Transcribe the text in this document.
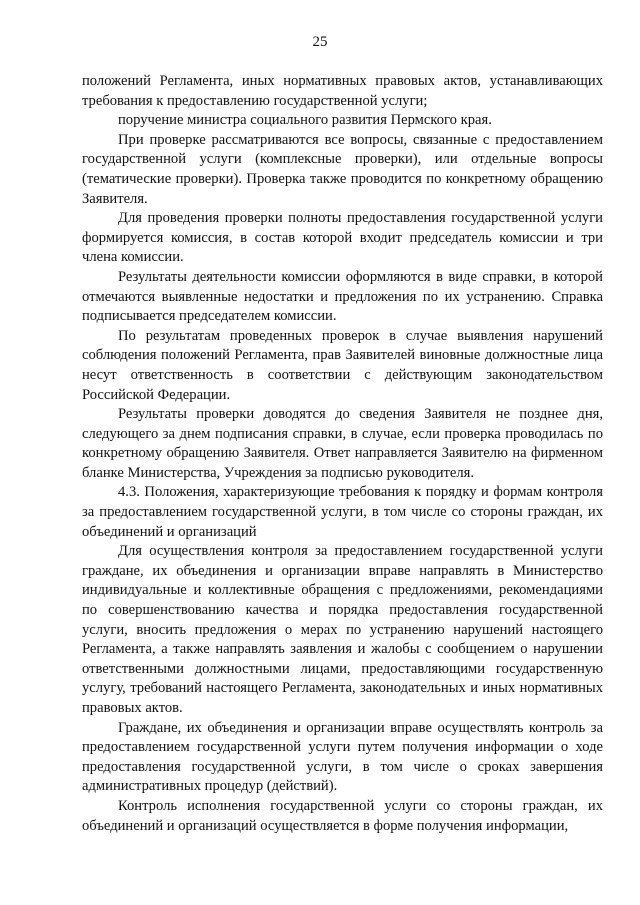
25

положений Регламента, иных нормативных правовых актов, устанавливающих требования к предоставлению государственной услуги;

поручение министра социального развития Пермского края.

При проверке рассматриваются все вопросы, связанные с предоставлением государственной услуги (комплексные проверки), или отдельные вопросы (тематические проверки). Проверка также проводится по конкретному обращению Заявителя.

Для проведения проверки полноты предоставления государственной услуги формируется комиссия, в состав которой входит председатель комиссии и три члена комиссии.

Результаты деятельности комиссии оформляются в виде справки, в которой отмечаются выявленные недостатки и предложения по их устранению. Справка подписывается председателем комиссии.

По результатам проведенных проверок в случае выявления нарушений соблюдения положений Регламента, прав Заявителей виновные должностные лица несут ответственность в соответствии с действующим законодательством Российской Федерации.

Результаты проверки доводятся до сведения Заявителя не позднее дня, следующего за днем подписания справки, в случае, если проверка проводилась по конкретному обращению Заявителя. Ответ направляется Заявителю на фирменном бланке Министерства, Учреждения за подписью руководителя.

4.3. Положения, характеризующие требования к порядку и формам контроля за предоставлением государственной услуги, в том числе со стороны граждан, их объединений и организаций

Для осуществления контроля за предоставлением государственной услуги граждане, их объединения и организации вправе направлять в Министерство индивидуальные и коллективные обращения с предложениями, рекомендациями по совершенствованию качества и порядка предоставления государственной услуги, вносить предложения о мерах по устранению нарушений настоящего Регламента, а также направлять заявления и жалобы с сообщением о нарушении ответственными должностными лицами, предоставляющими государственную услугу, требований настоящего Регламента, законодательных и иных нормативных правовых актов.

Граждане, их объединения и организации вправе осуществлять контроль за предоставлением государственной услуги путем получения информации о ходе предоставления государственной услуги, в том числе о сроках завершения административных процедур (действий).

Контроль исполнения государственной услуги со стороны граждан, их объединений и организаций осуществляется в форме получения информации,
